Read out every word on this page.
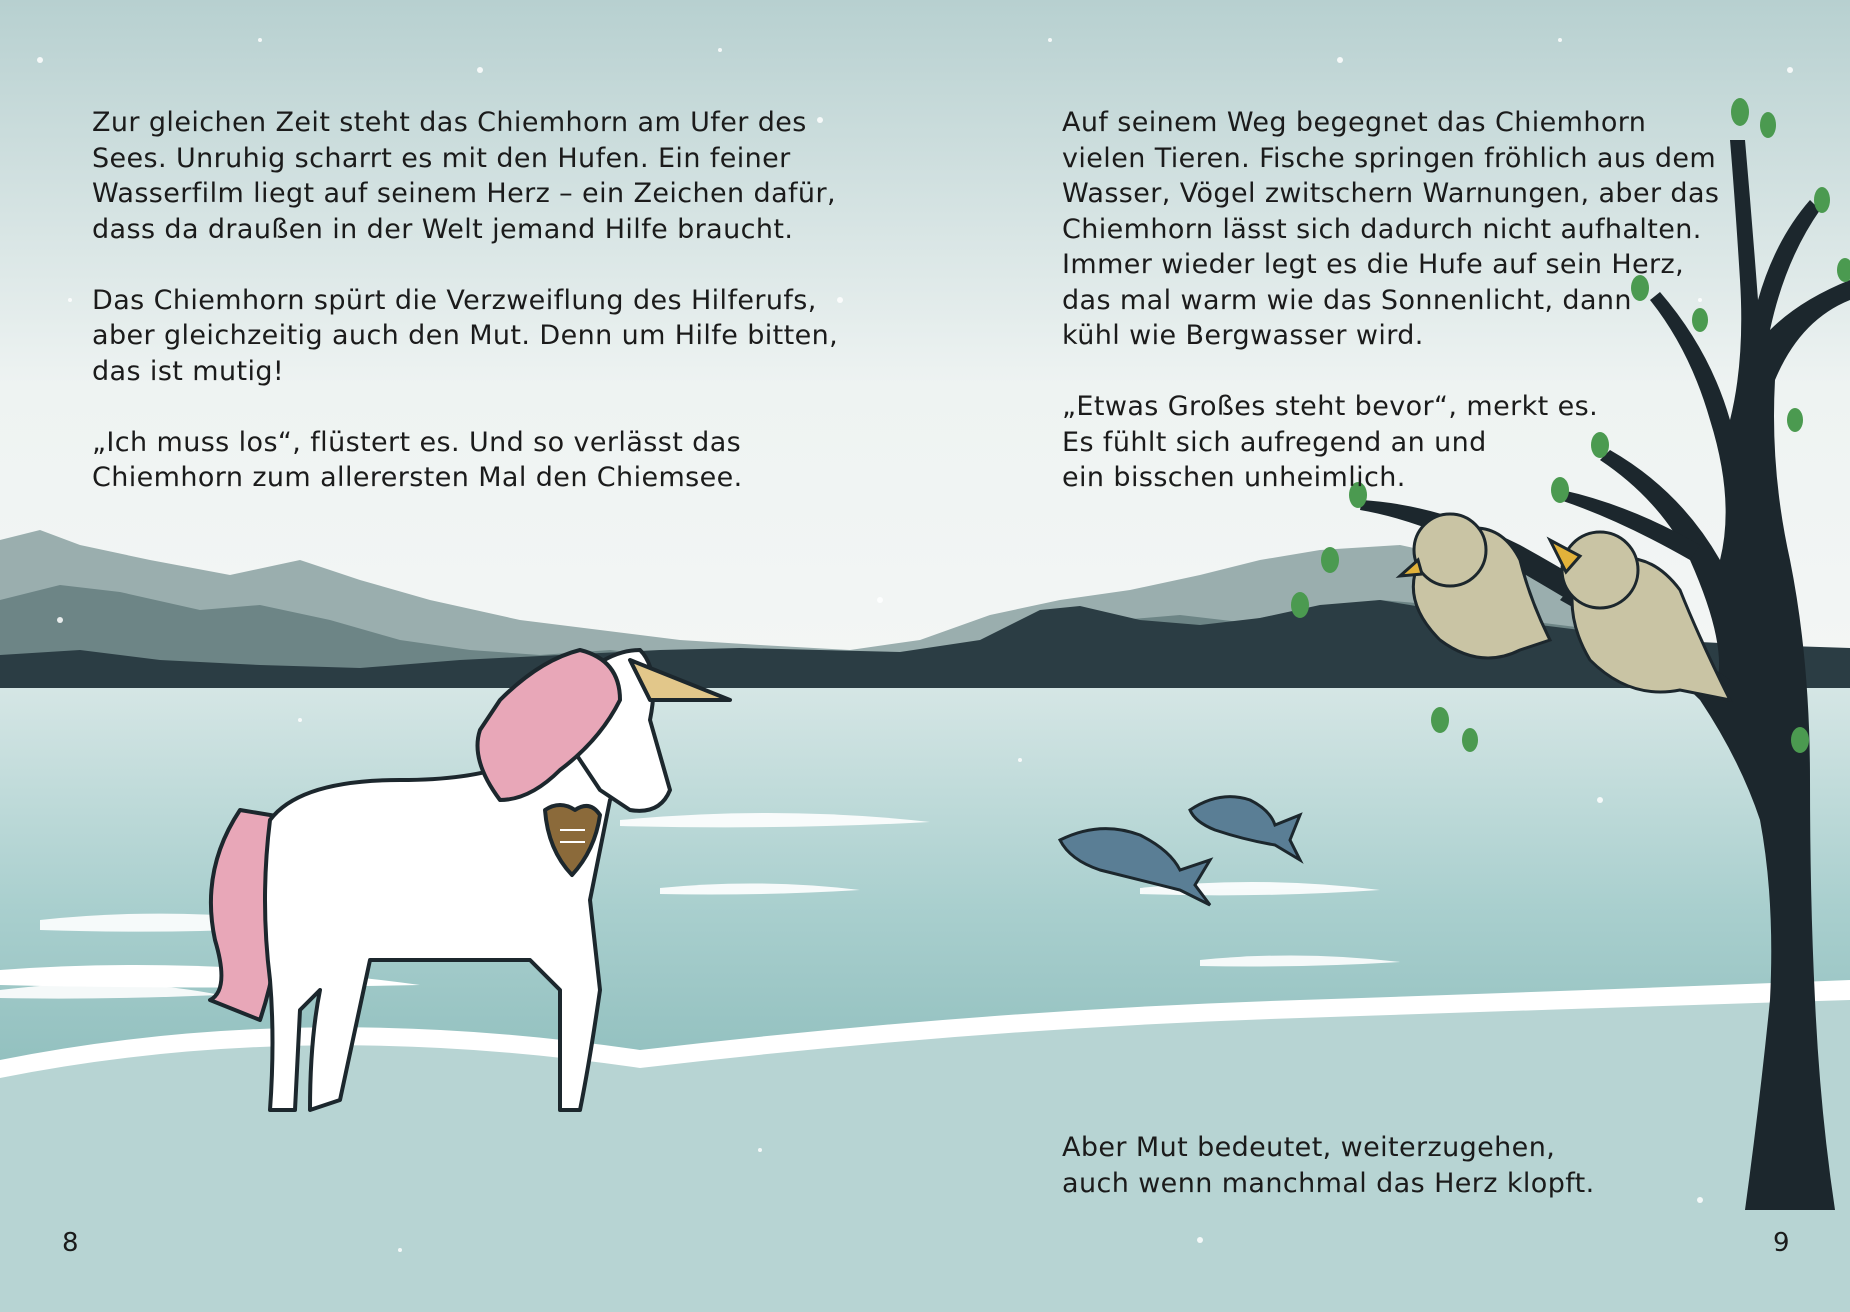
Zur gleichen Zeit steht das Chiemhorn am Ufer des
Sees. Unruhig scharrt es mit den Hufen. Ein feiner
Wasserfilm liegt auf seinem Herz – ein Zeichen dafür,
dass da draußen in der Welt jemand Hilfe braucht.

Das Chiemhorn spürt die Verzweiflung des Hilferufs,
aber gleichzeitig auch den Mut. Denn um Hilfe bitten,
das ist mutig!

„Ich muss los“, flüstert es. Und so verlässt das
Chiemhorn zum allerersten Mal den Chiemsee.

Auf seinem Weg begegnet das Chiemhorn
vielen Tieren. Fische springen fröhlich aus dem
Wasser, Vögel zwitschern Warnungen, aber das
Chiemhorn lässt sich dadurch nicht aufhalten.
Immer wieder legt es die Hufe auf sein Herz,
das mal warm wie das Sonnenlicht, dann
kühl wie Bergwasser wird.

„Etwas Großes steht bevor“, merkt es.
Es fühlt sich aufregend an und
ein bisschen unheimlich.

Aber Mut bedeutet, weiterzugehen,
auch wenn manchmal das Herz klopft.

8	9
